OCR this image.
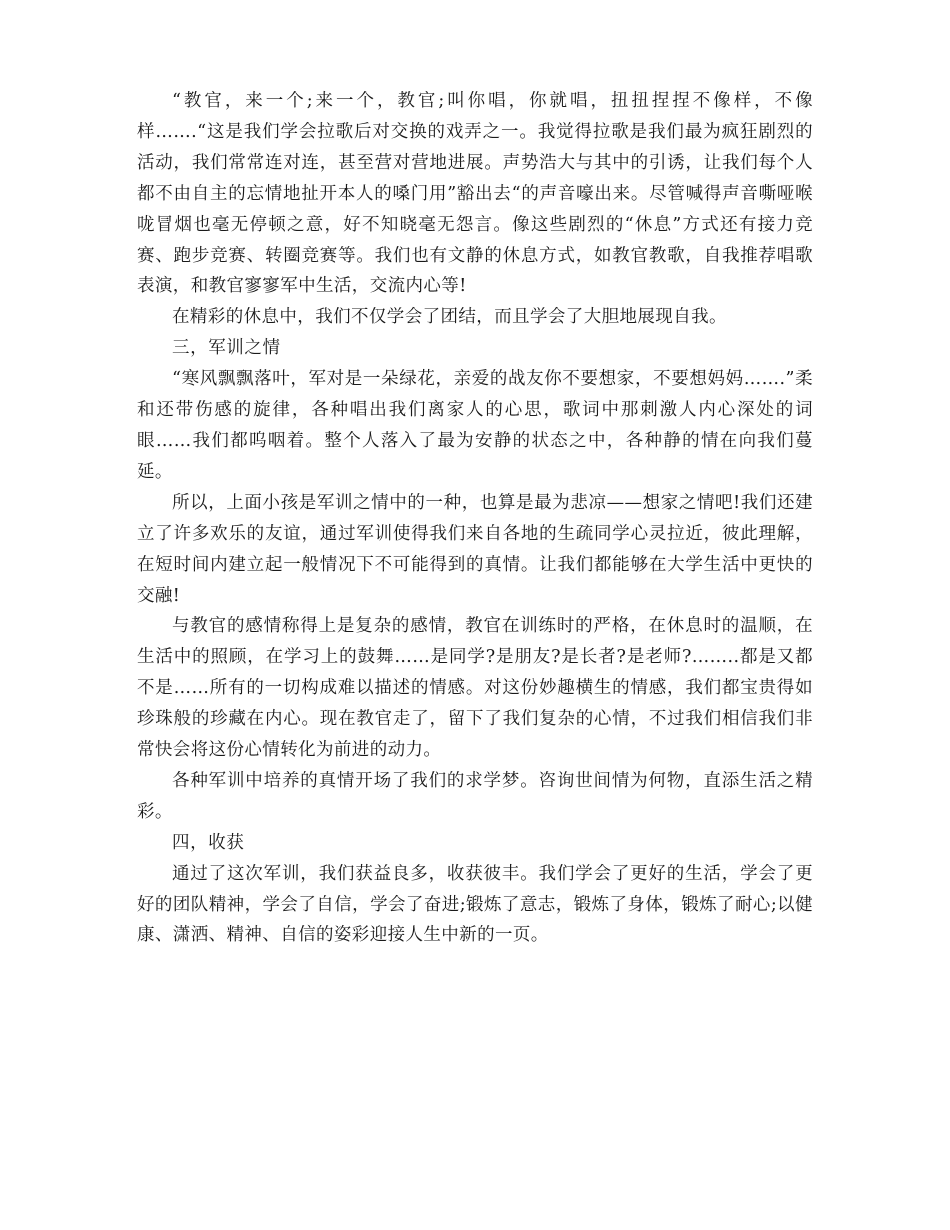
“教官，来一个;来一个，教官;叫你唱，你就唱，扭扭捏捏不像样，不像样…….“这是我们学会拉歌后对交换的戏弄之一。我觉得拉歌是我们最为疯狂剧烈的活动，我们常常连对连，甚至营对营地进展。声势浩大与其中的引诱，让我们每个人都不由自主的忘情地扯开本人的嗓门用”豁出去“的声音嚎出来。尽管喊得声音嘶哑喉咙冒烟也毫无停顿之意，好不知晓毫无怨言。像这些剧烈的“休息”方式还有接力竞赛、跑步竞赛、转圈竞赛等。我们也有文静的休息方式，如教官教歌，自我推荐唱歌表演，和教官寥寥军中生活，交流内心等!

在精彩的休息中，我们不仅学会了团结，而且学会了大胆地展现自我。

三，军训之情

“寒风飘飘落叶，军对是一朵绿花，亲爱的战友你不要想家，不要想妈妈…….”柔和还带伤感的旋律，各种唱出我们离家人的心思，歌词中那刺激人内心深处的词眼……我们都呜咽着。整个人落入了最为安静的状态之中，各种静的情在向我们蔓延。

所以，上面小孩是军训之情中的一种，也算是最为悲凉——想家之情吧!我们还建立了许多欢乐的友谊，通过军训使得我们来自各地的生疏同学心灵拉近，彼此理解，在短时间内建立起一般情况下不可能得到的真情。让我们都能够在大学生活中更快的交融!

与教官的感情称得上是复杂的感情，教官在训练时的严格，在休息时的温顺，在生活中的照顾，在学习上的鼓舞……是同学?是朋友?是长者?是老师?……..都是又都不是……所有的一切构成难以描述的情感。对这份妙趣横生的情感，我们都宝贵得如珍珠般的珍藏在内心。现在教官走了，留下了我们复杂的心情，不过我们相信我们非常快会将这份心情转化为前进的动力。

各种军训中培养的真情开场了我们的求学梦。咨询世间情为何物，直添生活之精彩。

四，收获

通过了这次军训，我们获益良多，收获彼丰。我们学会了更好的生活，学会了更好的团队精神，学会了自信，学会了奋进;锻炼了意志，锻炼了身体，锻炼了耐心;以健康、潇洒、精神、自信的姿彩迎接人生中新的一页。
